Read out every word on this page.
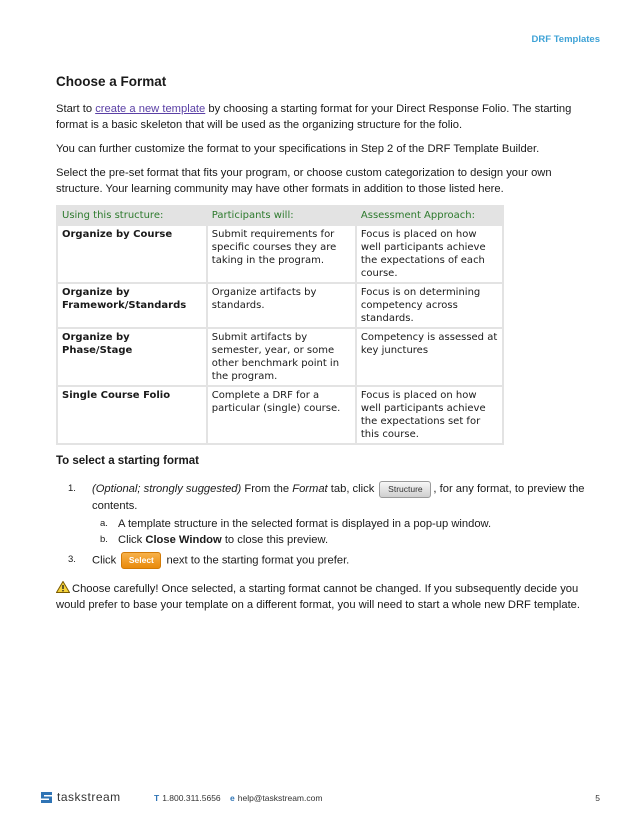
DRF Templates
Choose a Format

Start to create a new template by choosing a starting format for your Direct Response Folio. The starting format is a basic skeleton that will be used as the organizing structure for the folio.

You can further customize the format to your specifications in Step 2 of the DRF Template Builder.

Select the pre-set format that fits your program, or choose custom categorization to design your own structure. Your learning community may have other formats in addition to those listed here.

Using this structure:	Participants will:	Assessment Approach:
Organize by Course	Submit requirements for specific courses they are taking in the program.	Focus is placed on how well participants achieve the expectations of each course.
Organize by Framework/Standards	Organize artifacts by standards.	Focus is on determining competency across standards.
Organize by Phase/Stage	Submit artifacts by semester, year, or some other benchmark point in the program.	Competency is assessed at key junctures
Single Course Folio	Complete a DRF for a particular (single) course.	Focus is placed on how well participants achieve the expectations set for this course.
To select a starting format
1. (Optional; strongly suggested) From the Format tab, click Structure , for any format, to preview the contents.
a. A template structure in the selected format is displayed in a pop-up window.
b. Click Close Window to close this preview.
3. Click Select next to the starting format you prefer.

Choose carefully! Once selected, a starting format cannot be changed. If you subsequently decide you would prefer to base your template on a different format, you will need to start a whole new DRF template.

taskstream	T 1.800.311.5656 e help@taskstream.com	5
